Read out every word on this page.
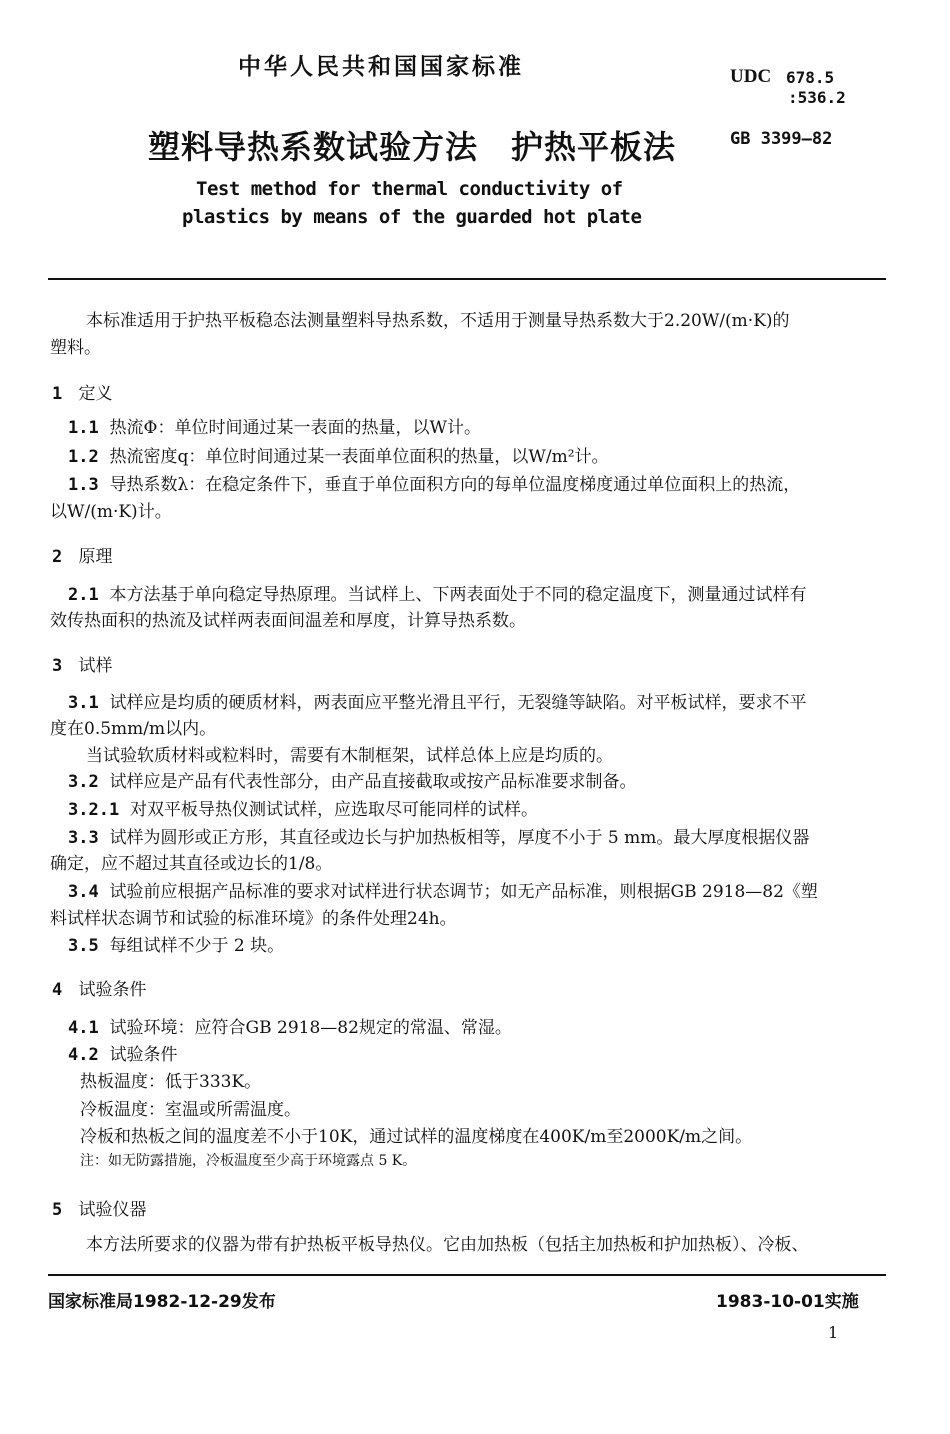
中华人民共和国国家标准	UDC 678.5
:536.2
塑料导热系数试验方法　护热平板法	GB 3399—82
Test method for thermal conductivity of
plastics by means of the guarded hot plate
本标准适用于护热平板稳态法测量塑料导热系数，不适用于测量导热系数大于2.20W/(m·K)的
塑料。
1 定义
1.1 热流Φ：单位时间通过某一表面的热量，以W计。
1.2 热流密度q：单位时间通过某一表面单位面积的热量，以W/m²计。
1.3 导热系数λ：在稳定条件下，垂直于单位面积方向的每单位温度梯度通过单位面积上的热流，
以W/(m·K)计。
2 原理
2.1 本方法基于单向稳定导热原理。当试样上、下两表面处于不同的稳定温度下，测量通过试样有
效传热面积的热流及试样两表面间温差和厚度，计算导热系数。
3 试样
3.1 试样应是均质的硬质材料，两表面应平整光滑且平行，无裂缝等缺陷。对平板试样，要求不平
度在0.5mm/m以内。
当试验软质材料或粒料时，需要有木制框架，试样总体上应是均质的。
3.2 试样应是产品有代表性部分，由产品直接截取或按产品标准要求制备。
3.2.1 对双平板导热仪测试试样，应选取尽可能同样的试样。
3.3 试样为圆形或正方形，其直径或边长与护加热板相等，厚度不小于 5 mm。最大厚度根据仪器
确定，应不超过其直径或边长的1/8。
3.4 试验前应根据产品标准的要求对试样进行状态调节；如无产品标准，则根据GB 2918—82《塑
料试样状态调节和试验的标准环境》的条件处理24h。
3.5 每组试样不少于 2 块。
4 试验条件
4.1 试验环境：应符合GB 2918—82规定的常温、常湿。
4.2 试验条件
热板温度：低于333K。
冷板温度：室温或所需温度。
冷板和热板之间的温度差不小于10K，通过试样的温度梯度在400K/m至2000K/m之间。
注：如无防露措施，冷板温度至少高于环境露点 5 K。
5 试验仪器
本方法所要求的仪器为带有护热板平板导热仪。它由加热板（包括主加热板和护加热板）、冷板、
国家标准局1982-12-29发布	1983-10-01实施
1
